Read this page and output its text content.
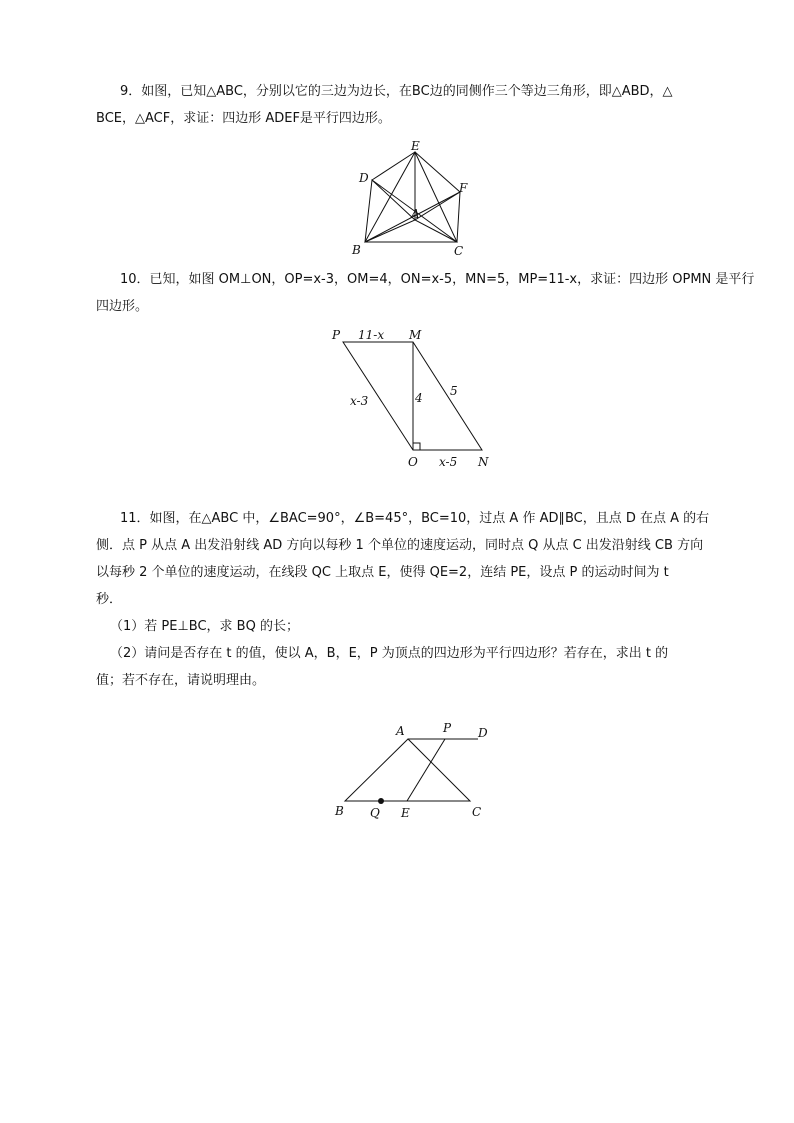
9．如图，已知△ABC，分别以它的三边为边长，在BC边的同侧作三个等边三角形，即△ABD，△
BCE，△ACF，求证：四边形 ADEF是平行四边形。
E
D
F
A
B	C
10．已知，如图 OM⊥ON，OP=x-3，OM=4，ON=x-5，MN=5，MP=11-x，求证：四边形 OPMN 是平行
四边形。
P	M
11-x
x-3	4 5
O x-5 N
11．如图，在△ABC 中，∠BAC=90°，∠B=45°，BC=10，过点 A 作 AD∥BC，且点 D 在点 A 的右
侧．点 P 从点 A 出发沿射线 AD 方向以每秒 1 个单位的速度运动，同时点 Q 从点 C 出发沿射线 CB 方向
以每秒 2 个单位的速度运动，在线段 QC 上取点 E，使得 QE=2，连结 PE，设点 P 的运动时间为 t
秒．
（1）若 PE⊥BC，求 BQ 的长；
（2）请问是否存在 t 的值，使以 A，B，E，P 为顶点的四边形为平行四边形？若存在，求出 t 的
值；若不存在，请说明理由。
A	P D
B Q E	C
